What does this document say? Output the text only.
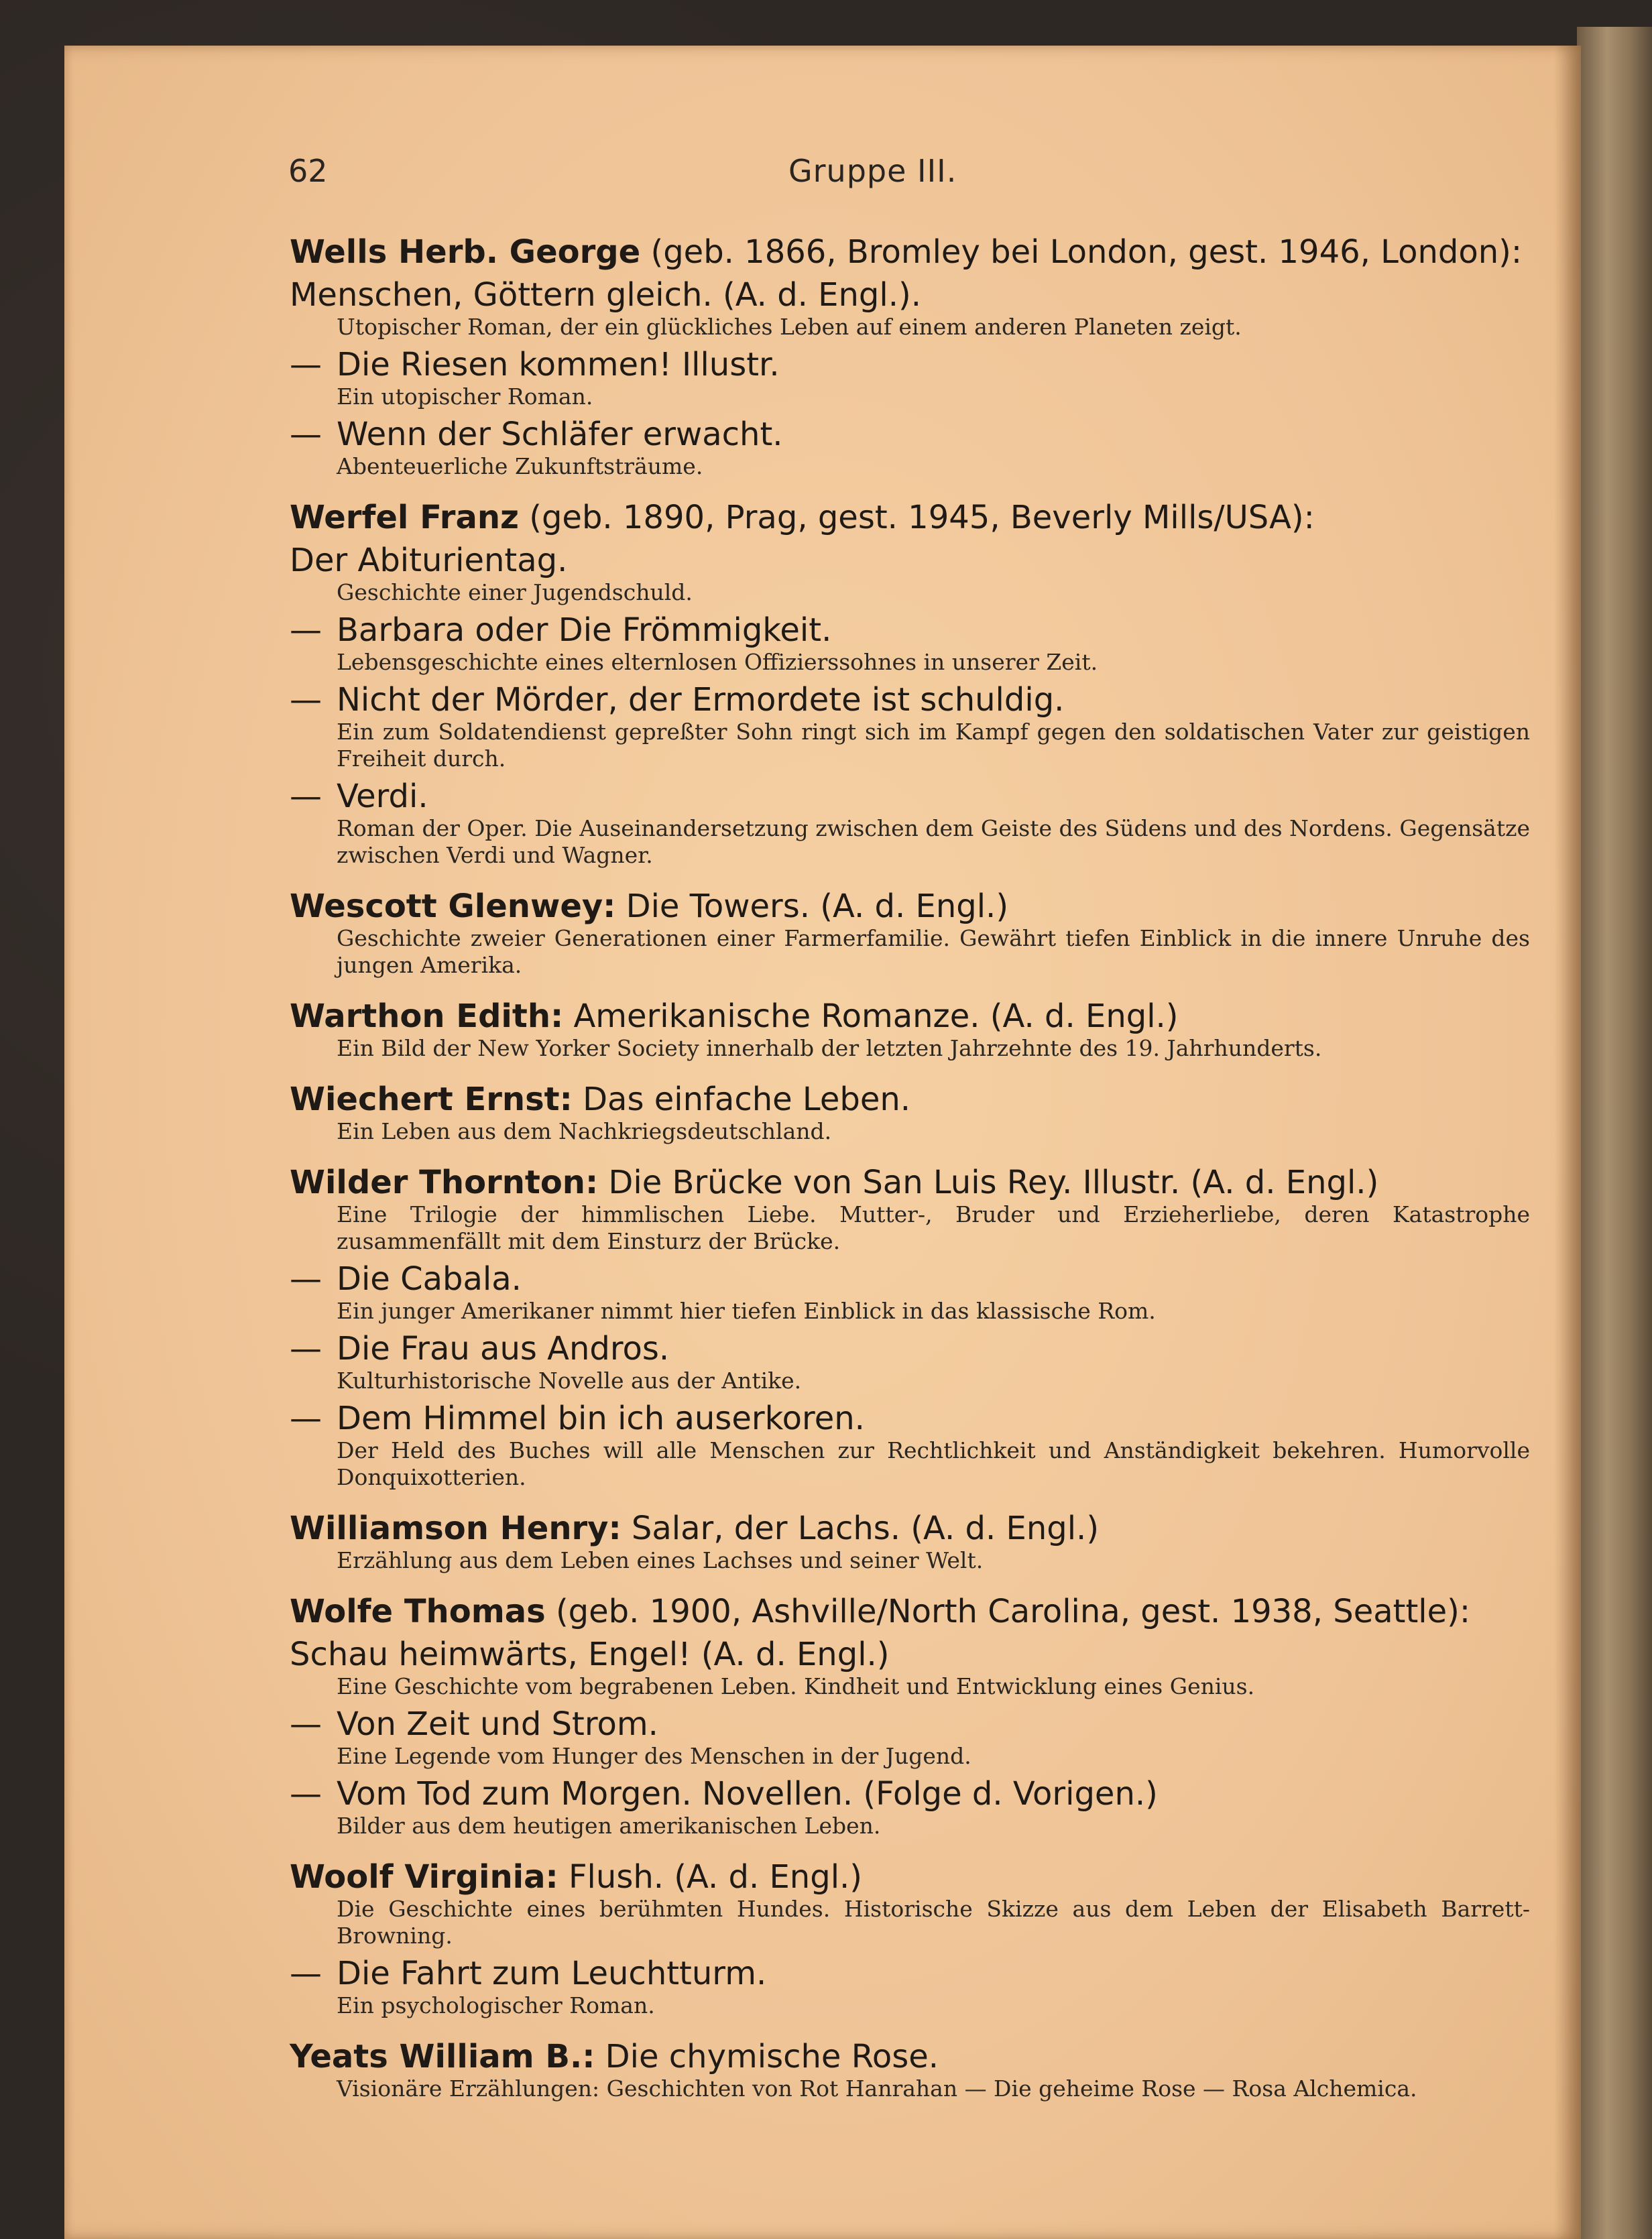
62	Gruppe III.
Wells Herb. George (geb. 1866, Bromley bei London, gest. 1946, London):
Menschen, Göttern gleich. (A. d. Engl.).
Utopischer Roman, der ein glückliches Leben auf einem anderen Planeten zeigt.
— Die Riesen kommen! Illustr.
Ein utopischer Roman.
— Wenn der Schläfer erwacht.
Abenteuerliche Zukunftsträume.
Werfel Franz (geb. 1890, Prag, gest. 1945, Beverly Mills/USA):
Der Abiturientag.
Geschichte einer Jugendschuld.
— Barbara oder Die Frömmigkeit.
Lebensgeschichte eines elternlosen Offizierssohnes in unserer Zeit.
— Nicht der Mörder, der Ermordete ist schuldig.
Ein zum Soldatendienst gepreßter Sohn ringt sich im Kampf gegen den soldatischen Vater zur geistigen Freiheit durch.
— Verdi.
Roman der Oper. Die Auseinandersetzung zwischen dem Geiste des Südens und des Nordens. Gegensätze zwischen Verdi und Wagner.
Wescott Glenwey: Die Towers. (A. d. Engl.)
Geschichte zweier Generationen einer Farmerfamilie. Gewährt tiefen Einblick in die innere Unruhe des jungen Amerika.
Warthon Edith: Amerikanische Romanze. (A. d. Engl.)
Ein Bild der New Yorker Society innerhalb der letzten Jahrzehnte des 19. Jahrhunderts.
Wiechert Ernst: Das einfache Leben.
Ein Leben aus dem Nachkriegsdeutschland.
Wilder Thornton: Die Brücke von San Luis Rey. Illustr. (A. d. Engl.)
Eine Trilogie der himmlischen Liebe. Mutter-, Bruder und Erzieherliebe, deren Katastrophe zusammenfällt mit dem Einsturz der Brücke.
— Die Cabala.
Ein junger Amerikaner nimmt hier tiefen Einblick in das klassische Rom.
— Die Frau aus Andros.
Kulturhistorische Novelle aus der Antike.
— Dem Himmel bin ich auserkoren.
Der Held des Buches will alle Menschen zur Rechtlichkeit und Anständigkeit bekehren. Humorvolle Donquixotterien.
Williamson Henry: Salar, der Lachs. (A. d. Engl.)
Erzählung aus dem Leben eines Lachses und seiner Welt.
Wolfe Thomas (geb. 1900, Ashville/North Carolina, gest. 1938, Seattle):
Schau heimwärts, Engel! (A. d. Engl.)
Eine Geschichte vom begrabenen Leben. Kindheit und Entwicklung eines Genius.
— Von Zeit und Strom.
Eine Legende vom Hunger des Menschen in der Jugend.
— Vom Tod zum Morgen. Novellen. (Folge d. Vorigen.)
Bilder aus dem heutigen amerikanischen Leben.
Woolf Virginia: Flush. (A. d. Engl.)
Die Geschichte eines berühmten Hundes. Historische Skizze aus dem Leben der Elisabeth Barrett-Browning.
— Die Fahrt zum Leuchtturm.
Ein psychologischer Roman.
Yeats William B.: Die chymische Rose.
Visionäre Erzählungen: Geschichten von Rot Hanrahan — Die geheime Rose — Rosa Alchemica.
